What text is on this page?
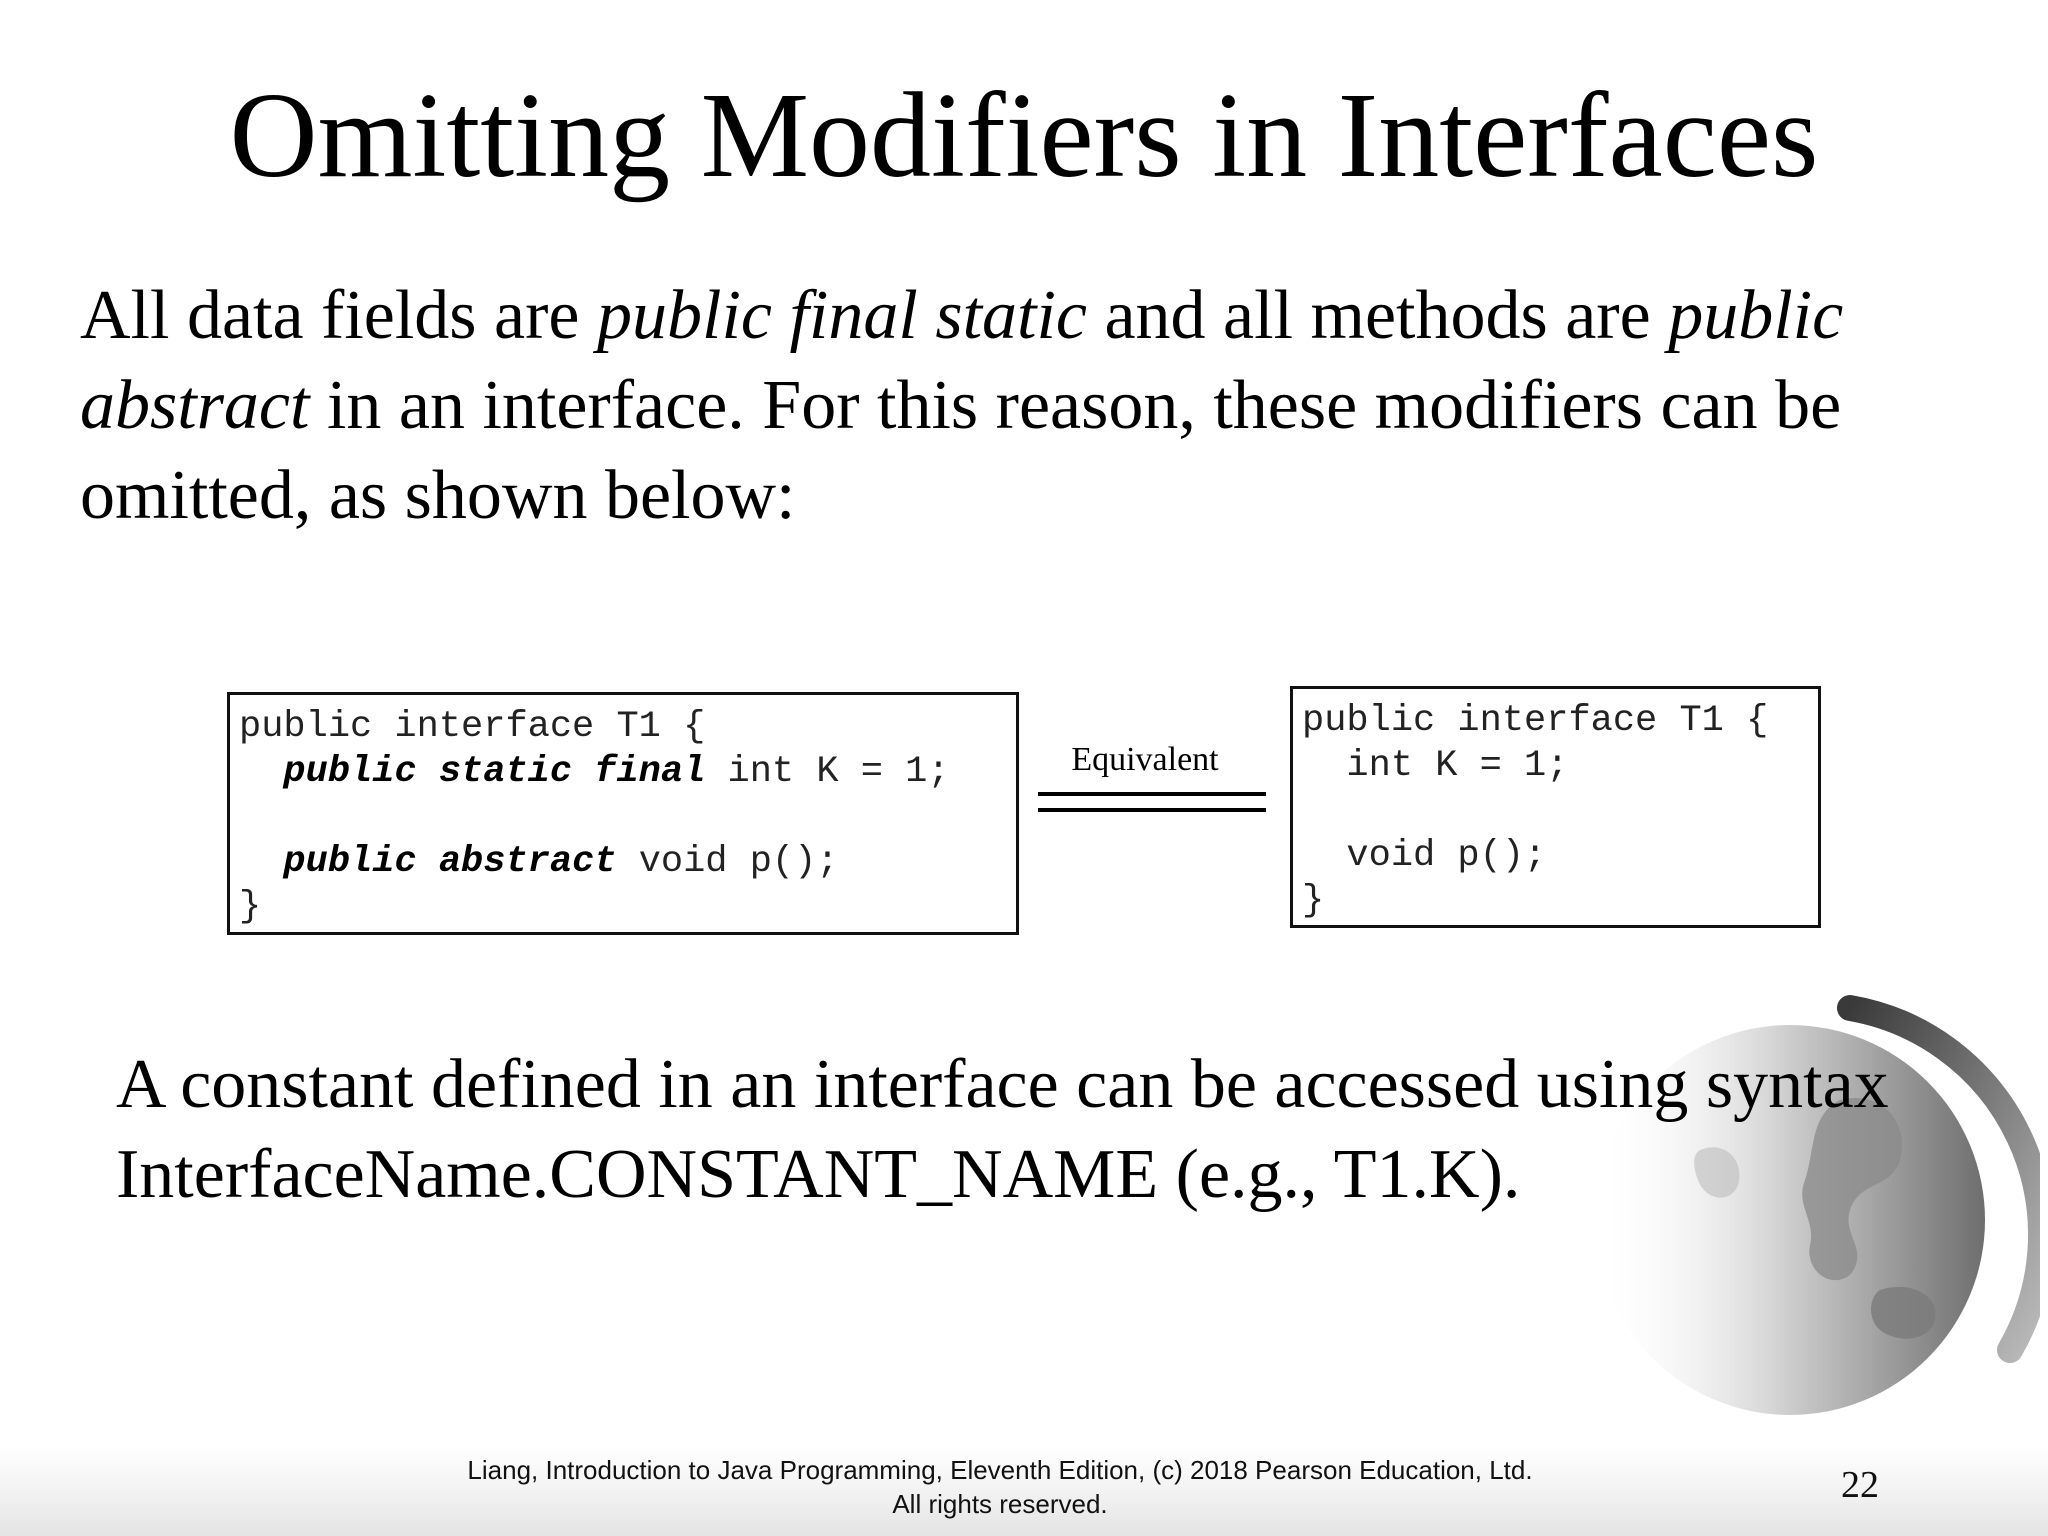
Omitting Modifiers in Interfaces

All data fields are public final static and all methods are public abstract in an interface. For this reason, these modifiers can be omitted, as shown below:

public interface T1 {
public static final int K = 1;

public abstract void p();
}
Equivalent
public interface T1 {
int K = 1;

void p();
}

A constant defined in an interface can be accessed using syntax
InterfaceName.CONSTANT_NAME (e.g., T1.K).

Liang, Introduction to Java Programming, Eleventh Edition, (c) 2018 Pearson Education, Ltd.
All rights reserved.	22
